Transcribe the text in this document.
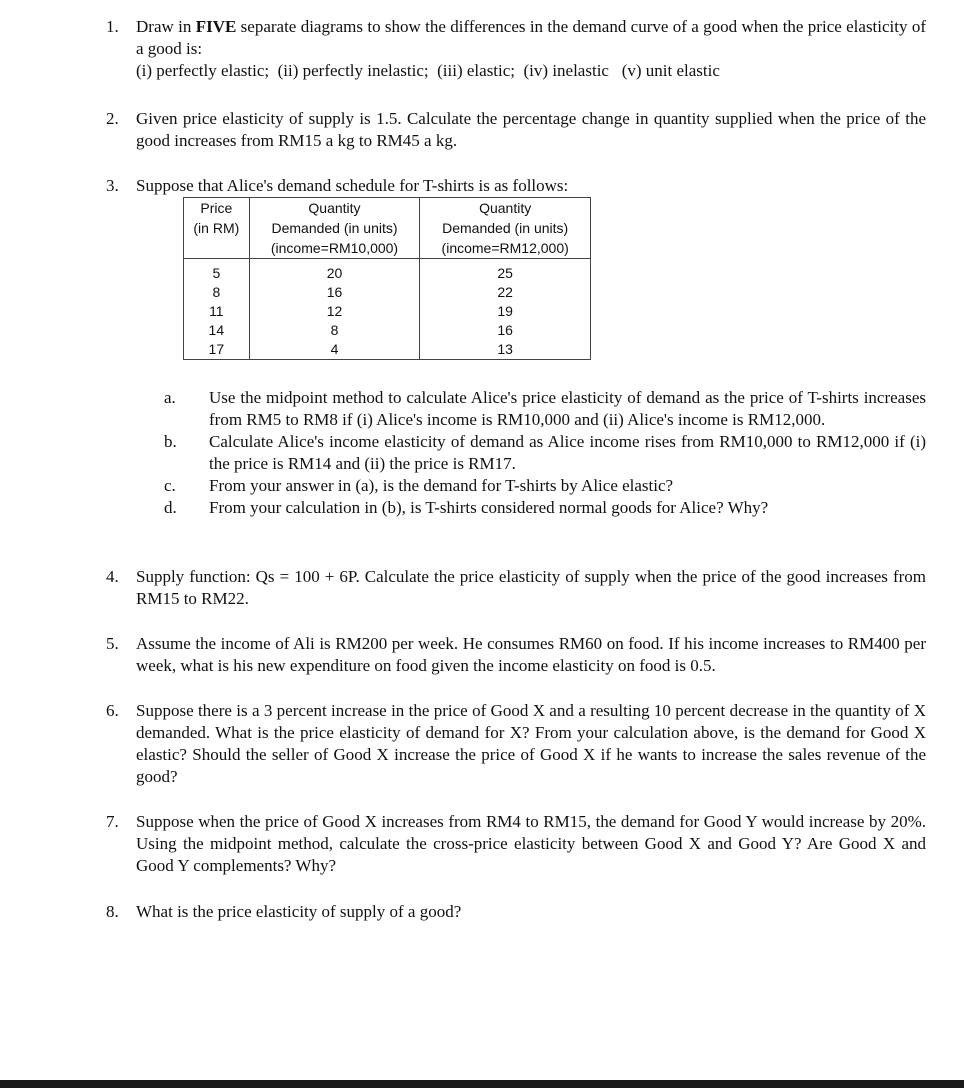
1. Draw in FIVE separate diagrams to show the differences in the demand curve of a good when the price elasticity of a good is:

(i) perfectly elastic;  (ii) perfectly inelastic;  (iii) elastic;  (iv) inelastic   (v) unit elastic

2. Given price elasticity of supply is 1.5. Calculate the percentage change in quantity supplied when the price of the good increases from RM15 a kg to RM45 a kg.

3. Suppose that Alice's demand schedule for T-shirts is as follows:

Price	Quantity	Quantity
(in RM)	Demanded (in units)	Demanded (in units)
	(income=RM10,000)	(income=RM12,000)
5	20	25
8	16	22
11	12	19
14	8	16
17	4	13
a. Use the midpoint method to calculate Alice's price elasticity of demand as the price of T-shirts increases from RM5 to RM8 if (i) Alice's income is RM10,000 and (ii) Alice's income is RM12,000.
b. Calculate Alice's income elasticity of demand as Alice income rises from RM10,000 to RM12,000 if (i) the price is RM14 and (ii) the price is RM17.
c. From your answer in (a), is the demand for T-shirts by Alice elastic?
d. From your calculation in (b), is T-shirts considered normal goods for Alice? Why?
4. Supply function: Qs = 100 + 6P. Calculate the price elasticity of supply when the price of the good increases from RM15 to RM22.

5. Assume the income of Ali is RM200 per week. He consumes RM60 on food. If his income increases to RM400 per week, what is his new expenditure on food given the income elasticity on food is 0.5.

6. Suppose there is a 3 percent increase in the price of Good X and a resulting 10 percent decrease in the quantity of X demanded. What is the price elasticity of demand for X? From your calculation above, is the demand for Good X elastic? Should the seller of Good X increase the price of Good X if he wants to increase the sales revenue of the good?

7. Suppose when the price of Good X increases from RM4 to RM15, the demand for Good Y would increase by 20%. Using the midpoint method, calculate the cross-price elasticity between Good X and Good Y? Are Good X and Good Y complements? Why?

8. What is the price elasticity of supply of a good?
